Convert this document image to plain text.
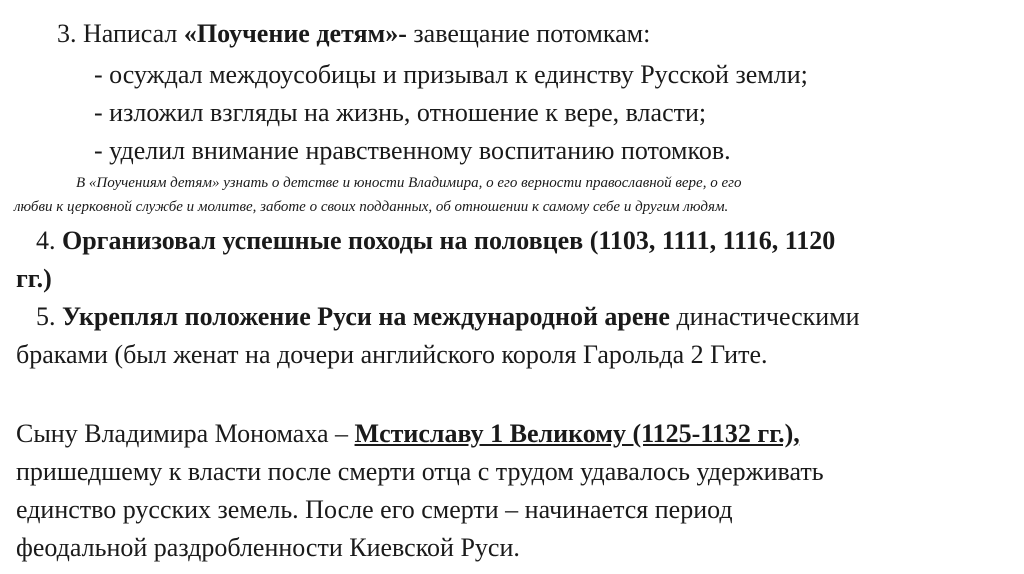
3. Написал «Поучение детям»- завещание потомкам:
- осуждал междоусобицы и призывал к единству Русской земли;
- изложил взгляды на жизнь, отношение к вере, власти;
- уделил внимание нравственному воспитанию потомков.
В «Поучениям детям» узнать о детстве и юности Владимира, о его верности православной вере, о его
любви к церковной службе и молитве, заботе о своих подданных, об отношении к самому себе и другим людям.
4. Организовал успешные походы на половцев (1103, 1111, 1116, 1120
гг.)
5. Укреплял положение Руси на международной арене династическими
браками (был женат на дочери английского короля Гарольда 2 Гите.
Сыну Владимира Мономаха – Мстиславу 1 Великому (1125-1132 гг.),
пришедшему к власти после смерти отца с трудом удавалось удерживать
единство русских земель. После его смерти – начинается период
феодальной раздробленности Киевской Руси.
